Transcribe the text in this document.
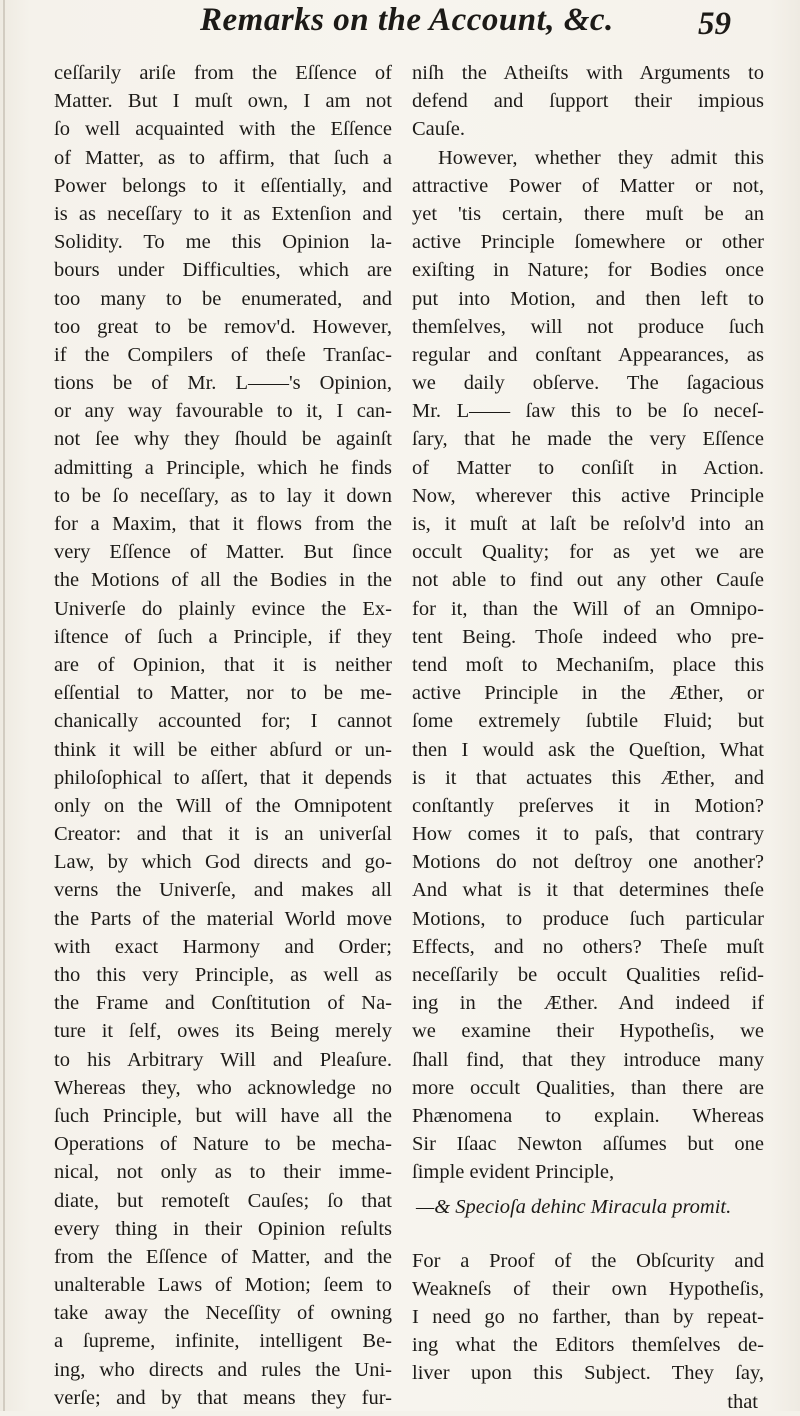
Remarks on the Account, &c.	59
ceſſarily ariſe from the Eſſence of
Matter. But I muſt own, I am not
ſo well acquainted with the Eſſence
of Matter, as to affirm, that ſuch a
Power belongs to it eſſentially, and
is as neceſſary to it as Extenſion and
Solidity. To me this Opinion la-
bours under Difficulties, which are
too many to be enumerated, and
too great to be remov'd. However,
if the Compilers of theſe Tranſac-
tions be of Mr. L——'s Opinion,
or any way favourable to it, I can-
not ſee why they ſhould be againſt
admitting a Principle, which he finds
to be ſo neceſſary, as to lay it down
for a Maxim, that it flows from the
very Eſſence of Matter. But ſince
the Motions of all the Bodies in the
Univerſe do plainly evince the Ex-
iſtence of ſuch a Principle, if they
are of Opinion, that it is neither
eſſential to Matter, nor to be me-
chanically accounted for; I cannot
think it will be either abſurd or un-
philoſophical to aſſert, that it depends
only on the Will of the Omnipotent
Creator: and that it is an univerſal
Law, by which God directs and go-
verns the Univerſe, and makes all
the Parts of the material World move
with exact Harmony and Order;
tho this very Principle, as well as
the Frame and Conſtitution of Na-
ture it ſelf, owes its Being merely
to his Arbitrary Will and Pleaſure.
Whereas they, who acknowledge no
ſuch Principle, but will have all the
Operations of Nature to be mecha-
nical, not only as to their imme-
diate, but remoteſt Cauſes; ſo that
every thing in their Opinion reſults
from the Eſſence of Matter, and the
unalterable Laws of Motion; ſeem to
take away the Neceſſity of owning
a ſupreme, infinite, intelligent Be-
ing, who directs and rules the Uni-
verſe; and by that means they fur-
niſh the Atheiſts with Arguments to
defend and ſupport their impious
Cauſe.
However, whether they admit this
attractive Power of Matter or not,
yet 'tis certain, there muſt be an
active Principle ſomewhere or other
exiſting in Nature; for Bodies once
put into Motion, and then left to
themſelves, will not produce ſuch
regular and conſtant Appearances, as
we daily obſerve. The ſagacious
Mr. L—— ſaw this to be ſo neceſ-
ſary, that he made the very Eſſence
of Matter to conſiſt in Action.
Now, wherever this active Principle
is, it muſt at laſt be reſolv'd into an
occult Quality; for as yet we are
not able to find out any other Cauſe
for it, than the Will of an Omnipo-
tent Being. Thoſe indeed who pre-
tend moſt to Mechaniſm, place this
active Principle in the Æther, or
ſome extremely ſubtile Fluid; but
then I would ask the Queſtion, What
is it that actuates this Æther, and
conſtantly preſerves it in Motion?
How comes it to paſs, that contrary
Motions do not deſtroy one another?
And what is it that determines theſe
Motions, to produce ſuch particular
Effects, and no others? Theſe muſt
neceſſarily be occult Qualities reſid-
ing in the Æther. And indeed if
we examine their Hypotheſis, we
ſhall find, that they introduce many
more occult Qualities, than there are
Phænomena to explain. Whereas
Sir Iſaac Newton aſſumes but one
ſimple evident Principle,
—& Specioſa dehinc Miracula promit.
For a Proof of the Obſcurity and
Weakneſs of their own Hypotheſis,
I need go no farther, than by repeat-
ing what the Editors themſelves de-
liver upon this Subject. They ſay,
that
